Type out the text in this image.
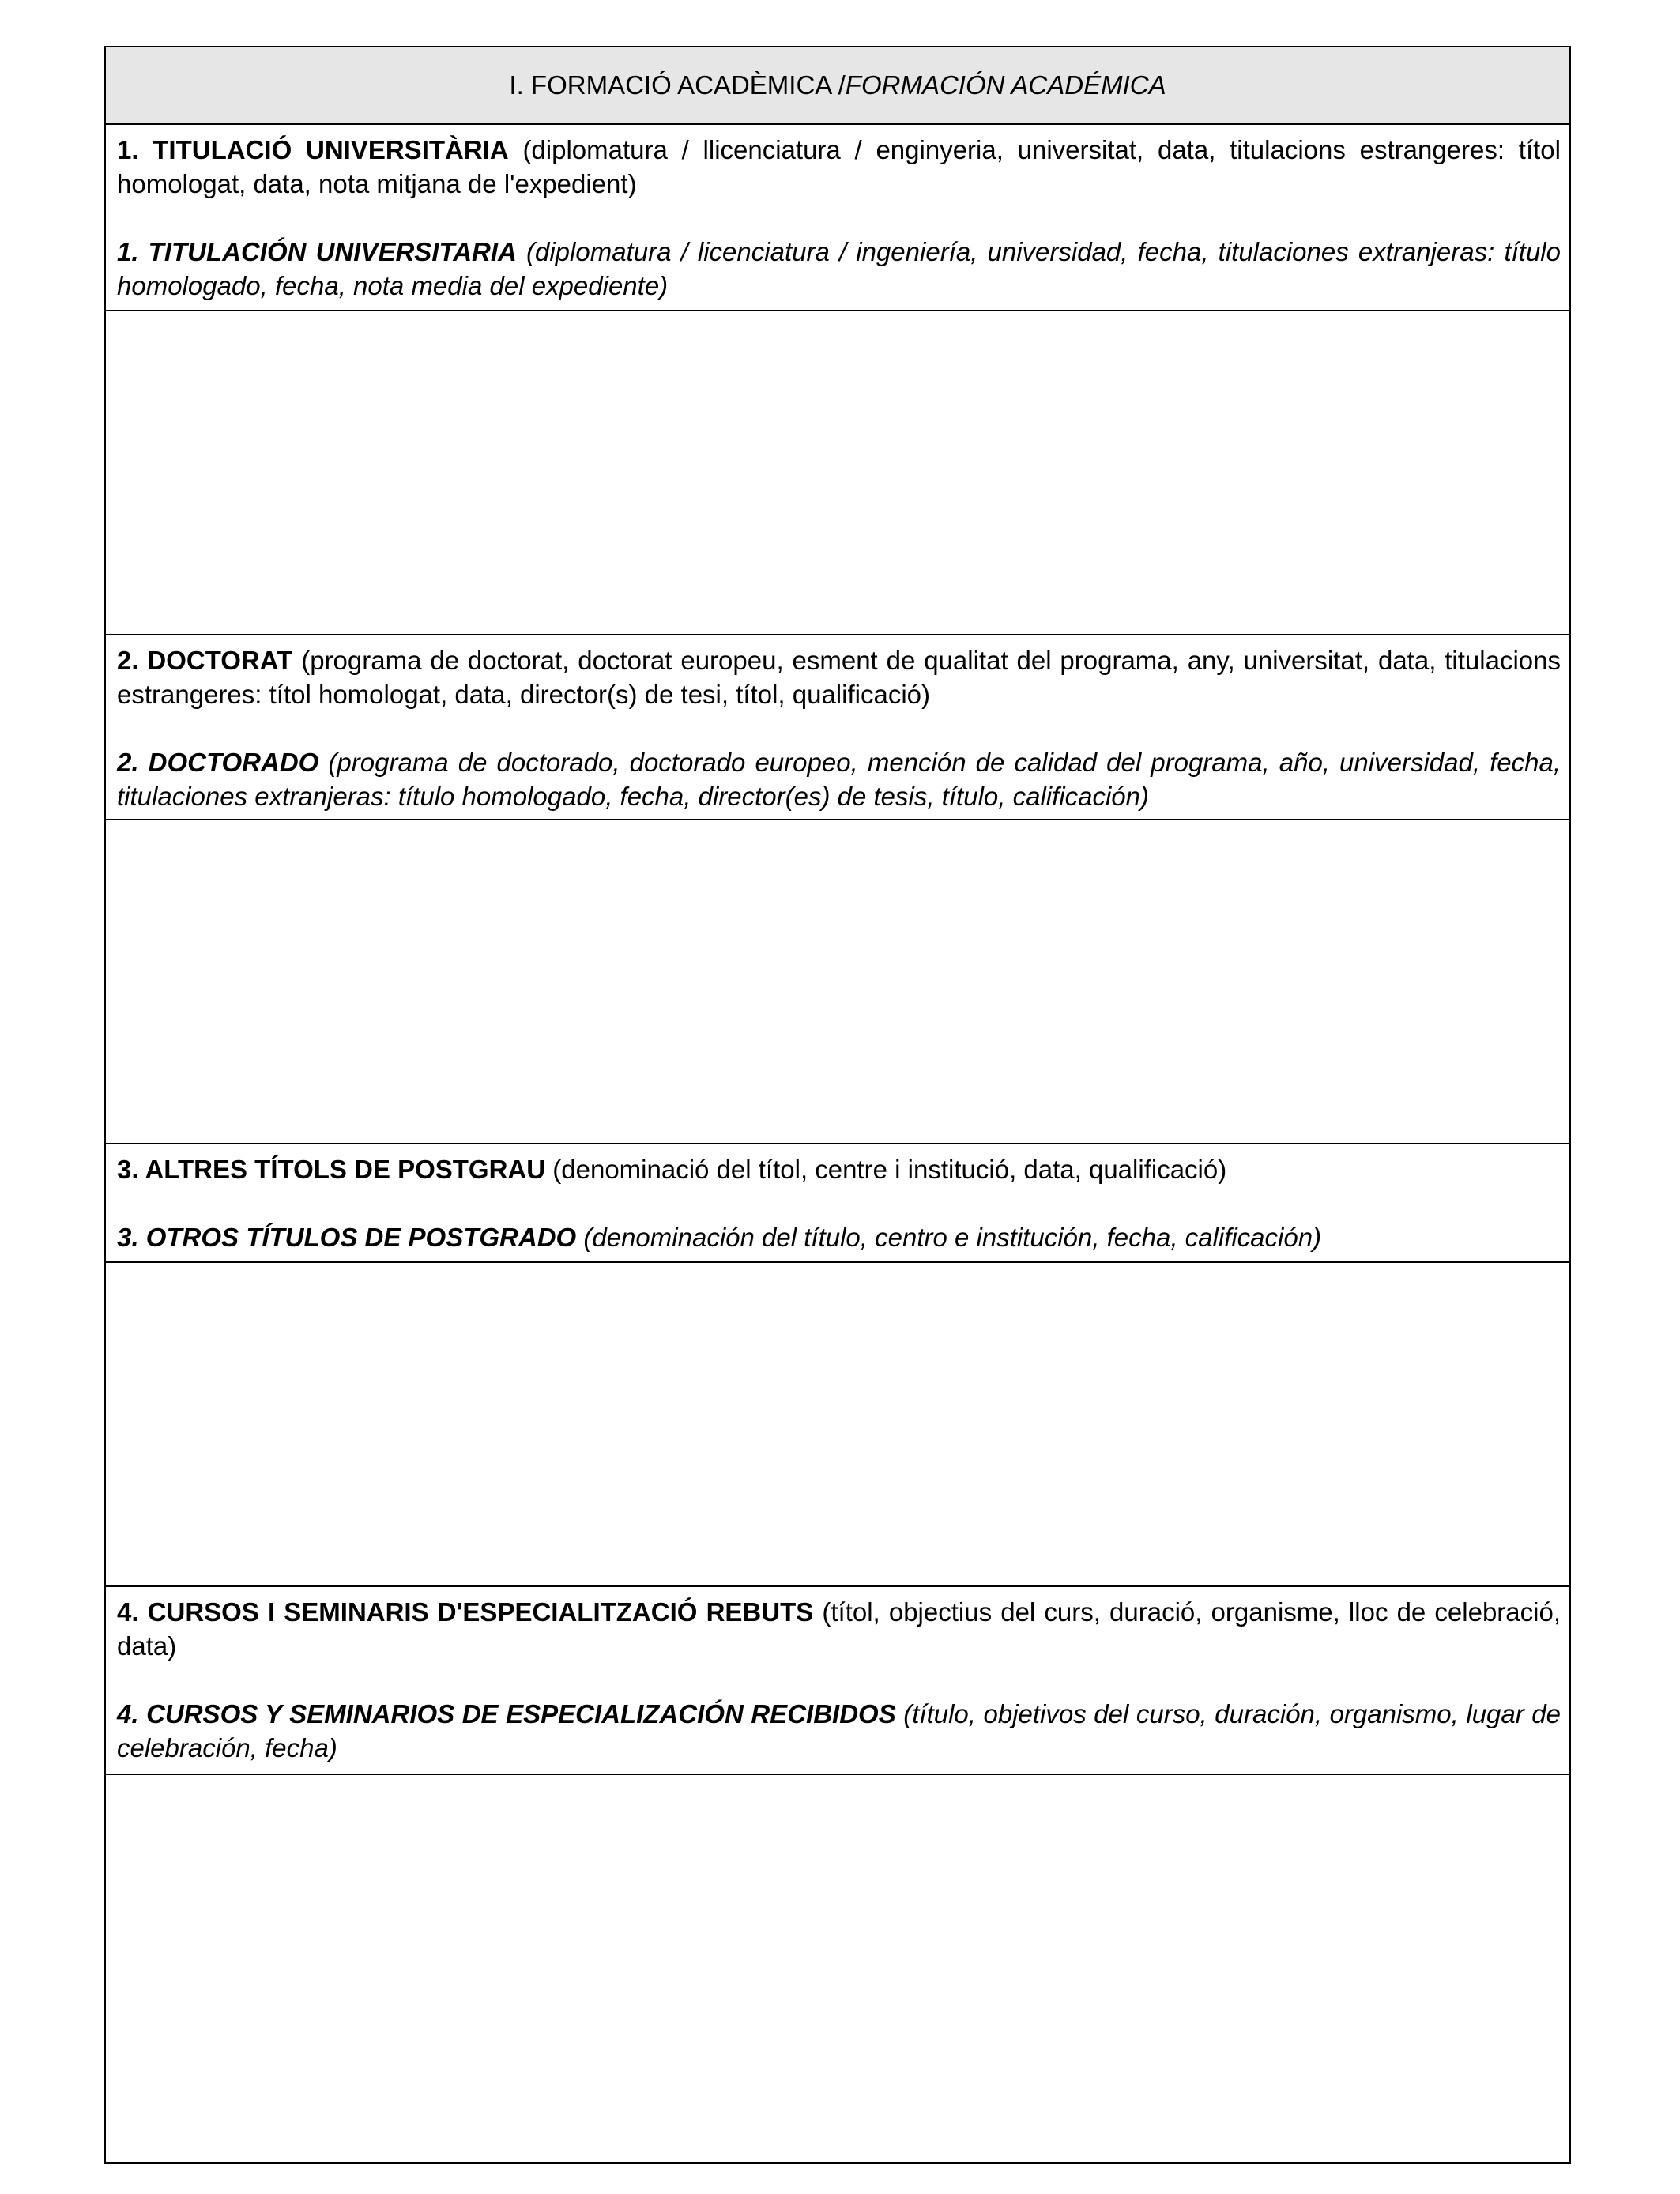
I. FORMACIÓ ACADÈMICA / FORMACIÓN ACADÉMICA

1. TITULACIÓ UNIVERSITÀRIA (diplomatura / llicenciatura / enginyeria, universitat, data, titulacions estrangeres: títol homologat, data, nota mitjana de l'expedient)

1. TITULACIÓN UNIVERSITARIA (diplomatura / licenciatura / ingeniería, universidad, fecha, titulaciones extranjeras: título homologado, fecha, nota media del expediente)

2. DOCTORAT (programa de doctorat, doctorat europeu, esment de qualitat del programa, any, universitat, data, titulacions estrangeres: títol homologat, data, director(s) de tesi, títol, qualificació)

2. DOCTORADO (programa de doctorado, doctorado europeo, mención de calidad del programa, año, universidad, fecha, titulaciones extranjeras: título homologado, fecha, director(es) de tesis, título, calificación)

3. ALTRES TÍTOLS DE POSTGRAU (denominació del títol, centre i institució, data, qualificació)

3. OTROS TÍTULOS DE POSTGRADO (denominación del título, centro e institución, fecha, calificación)

4. CURSOS I SEMINARIS D'ESPECIALITZACIÓ REBUTS (títol, objectius del curs, duració, organisme, lloc de celebració, data)

4. CURSOS Y SEMINARIOS DE ESPECIALIZACIÓN RECIBIDOS (título, objetivos del curso, duración, organismo, lugar de celebración, fecha)
